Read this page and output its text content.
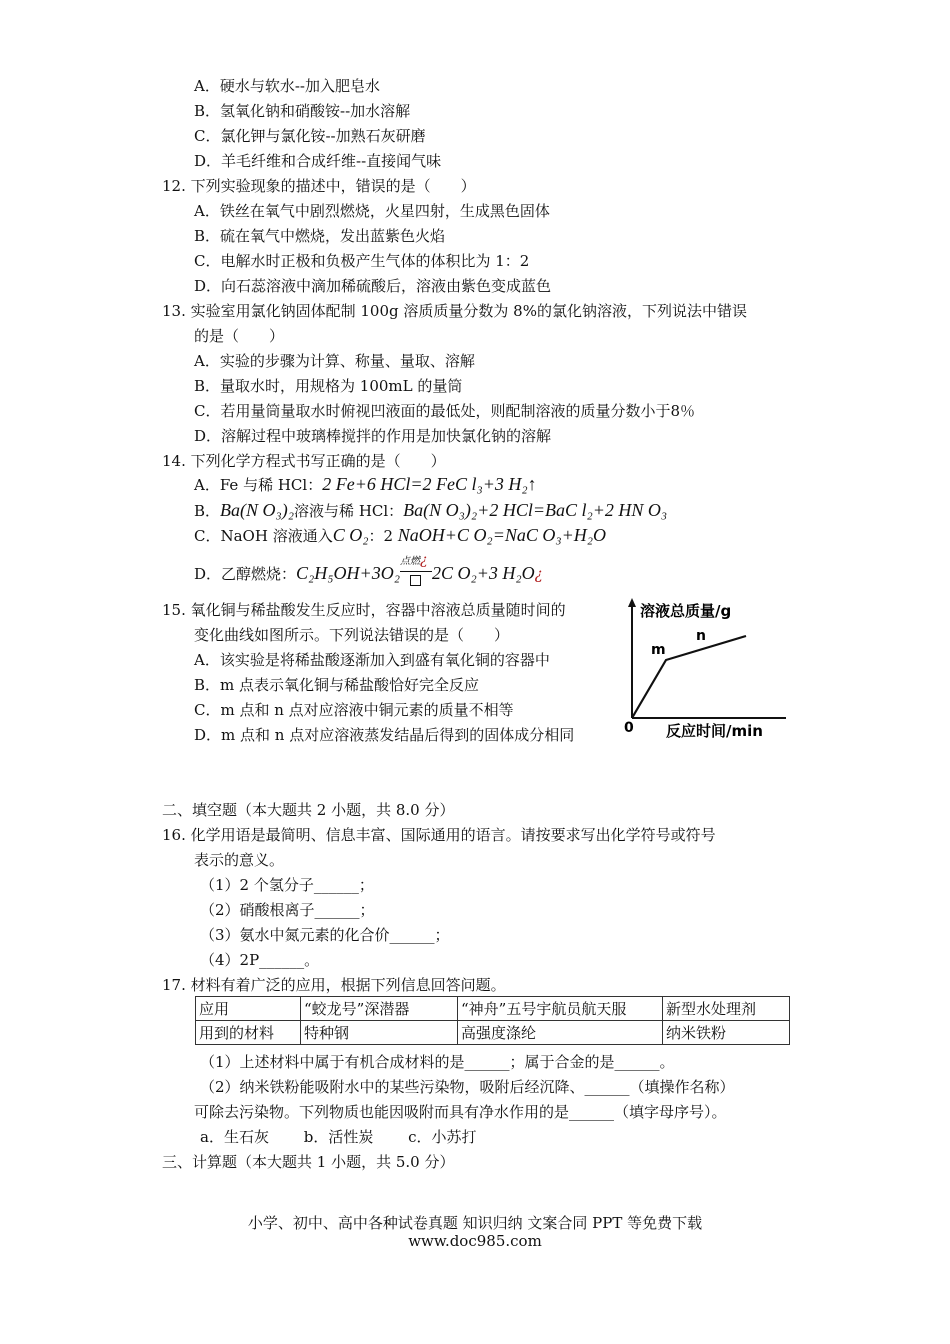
A．硬水与软水--加入肥皂水
B．氢氧化钠和硝酸铵--加水溶解
C．氯化钾与氯化铵--加熟石灰研磨
D．羊毛纤维和合成纤维--直接闻气味
12. 下列实验现象的描述中，错误的是（　　）
A．铁丝在氧气中剧烈燃烧，火星四射，生成黑色固体
B．硫在氧气中燃烧，发出蓝紫色火焰
C．电解水时正极和负极产生气体的体积比为 1：2
D．向石蕊溶液中滴加稀硫酸后，溶液由紫色变成蓝色
13. 实验室用氯化钠固体配制 100g 溶质质量分数为 8%的氯化钠溶液，下列说法中错误
的是（　　）
A．实验的步骤为计算、称量、量取、溶解
B．量取水时，用规格为 100mL 的量筒
C．若用量筒量取水时俯视凹液面的最低处，则配制溶液的质量分数小于8％
D．溶解过程中玻璃棒搅拌的作用是加快氯化钠的溶解
14. 下列化学方程式书写正确的是（　　）
A．Fe 与稀 HCl：2 Fe+6 HCl=2 FeC l₃+3 H₂↑
B．Ba(N O₃)₂溶液与稀 HCl：Ba(N O₃)₂+2 HCl=BaC l₂+2 HN O₃
C．NaOH 溶液通入C O₂：2 NaOH+C O₂=NaC O₃+H₂O
D．乙醇燃烧：C₂H₅OH+3O₂
点燃 ¿
2C O₂+3 H₂O¿
15. 氧化铜与稀盐酸发生反应时，容器中溶液总质量随时间的
变化曲线如图所示。下列说法错误的是（　　）
A．该实验是将稀盐酸逐渐加入到盛有氧化铜的容器中
B．m 点表示氧化铜与稀盐酸恰好完全反应
C．m 点和 n 点对应溶液中铜元素的质量不相等
D．m 点和 n 点对应溶液蒸发结晶后得到的固体成分相同
溶液总质量/g
m
n
0 反应时间/min
二、填空题（本大题共 2 小题，共 8.0 分）
16. 化学用语是最简明、信息丰富、国际通用的语言。请按要求写出化学符号或符号
表示的意义。
（1）2 个氢分子______；
（2）硝酸根离子______；
（3）氨水中氮元素的化合价______；
（4）2P______。
17. 材料有着广泛的应用，根据下列信息回答问题。
应用	“蛟龙号”深潜器	“神舟”五号宇航员航天服	新型水处理剂
用到的材料	特种钢	高强度涤纶	纳米铁粉
（1）上述材料中属于有机合成材料的是______；属于合金的是______。
（2）纳米铁粉能吸附水中的某些污染物，吸附后经沉降、______（填操作名称）
可除去污染物。下列物质也能因吸附而具有净水作用的是______（填字母序号）。
a．生石灰　　 b．活性炭　　 c．小苏打
三、计算题（本大题共 1 小题，共 5.0 分）
小学、初中、高中各种试卷真题 知识归纳 文案合同 PPT 等免费下载
www.doc985.com
